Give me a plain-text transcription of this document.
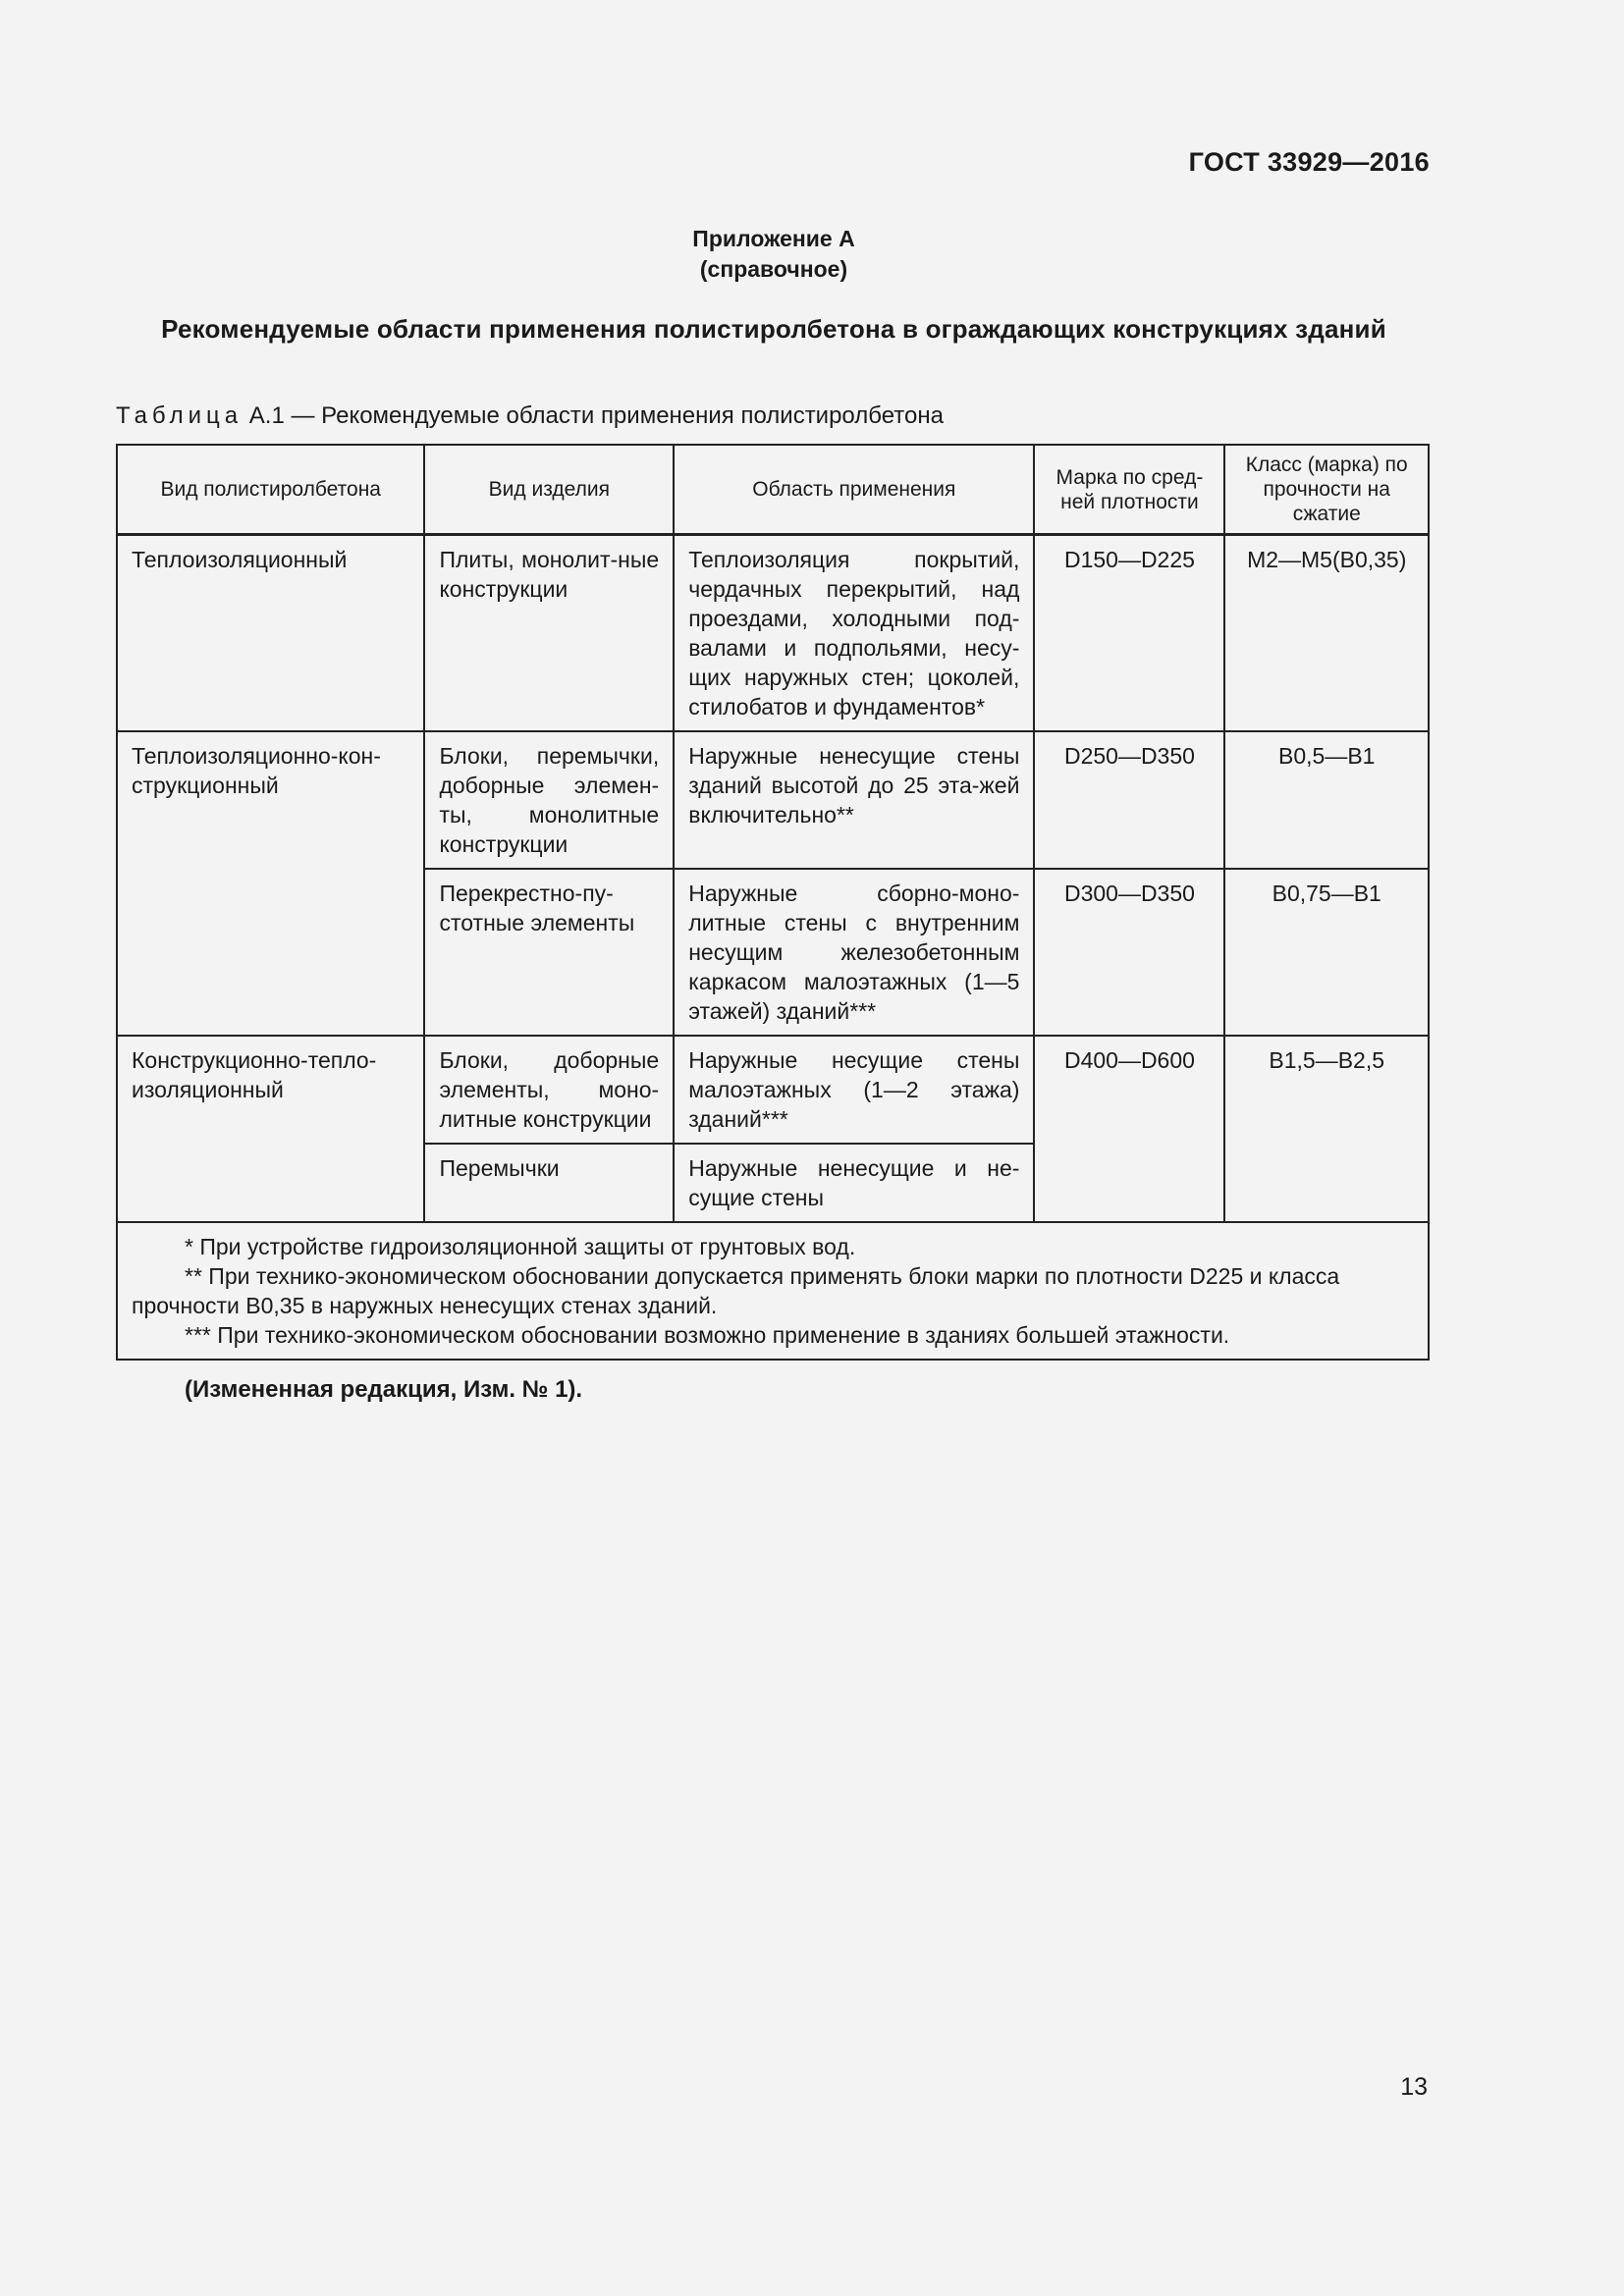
ГОСТ 33929—2016
Приложение А
(справочное)
Рекомендуемые области применения полистиролбетона в ограждающих конструкциях зданий
Таблица А.1 — Рекомендуемые области применения полистиролбетона
Вид полистиролбетона	Вид изделия	Область применения	Марка по сред-ней плотности	Класс (марка) по прочности на сжатие
Теплоизоляционный	Плиты, монолит-ные конструкции	Теплоизоляция покрытий, чердачных перекрытий, над проездами, холодными под-валами и подпольями, несу-щих наружных стен; цоколей, стилобатов и фундаментов*	D150—D225	М2—М5(В0,35)
Теплоизоляционно-кон-струкционный	Блоки, перемычки, доборные элемен-ты, монолитные конструкции	Наружные ненесущие стены зданий высотой до 25 эта-жей включительно**	D250—D350	В0,5—В1
	Перекрестно-пу-стотные элементы	Наружные сборно-моно-литные стены с внутренним несущим железобетонным каркасом малоэтажных (1—5 этажей) зданий***	D300—D350	В0,75—В1
Конструкционно-тепло-изоляционный	Блоки, доборные элементы, моно-литные конструкции	Наружные несущие стены малоэтажных (1—2 этажа) зданий***	D400—D600	В1,5—В2,5
	Перемычки	Наружные ненесущие и не-сущие стены		

* При устройстве гидроизоляционной защиты от грунтовых вод.
** При технико-экономическом обосновании допускается применять блоки марки по плотности D225 и класса прочности В0,35 в наружных ненесущих стенах зданий.
*** При технико-экономическом обосновании возможно применение в зданиях большей этажности.				
(Измененная редакция, Изм. № 1).
13
